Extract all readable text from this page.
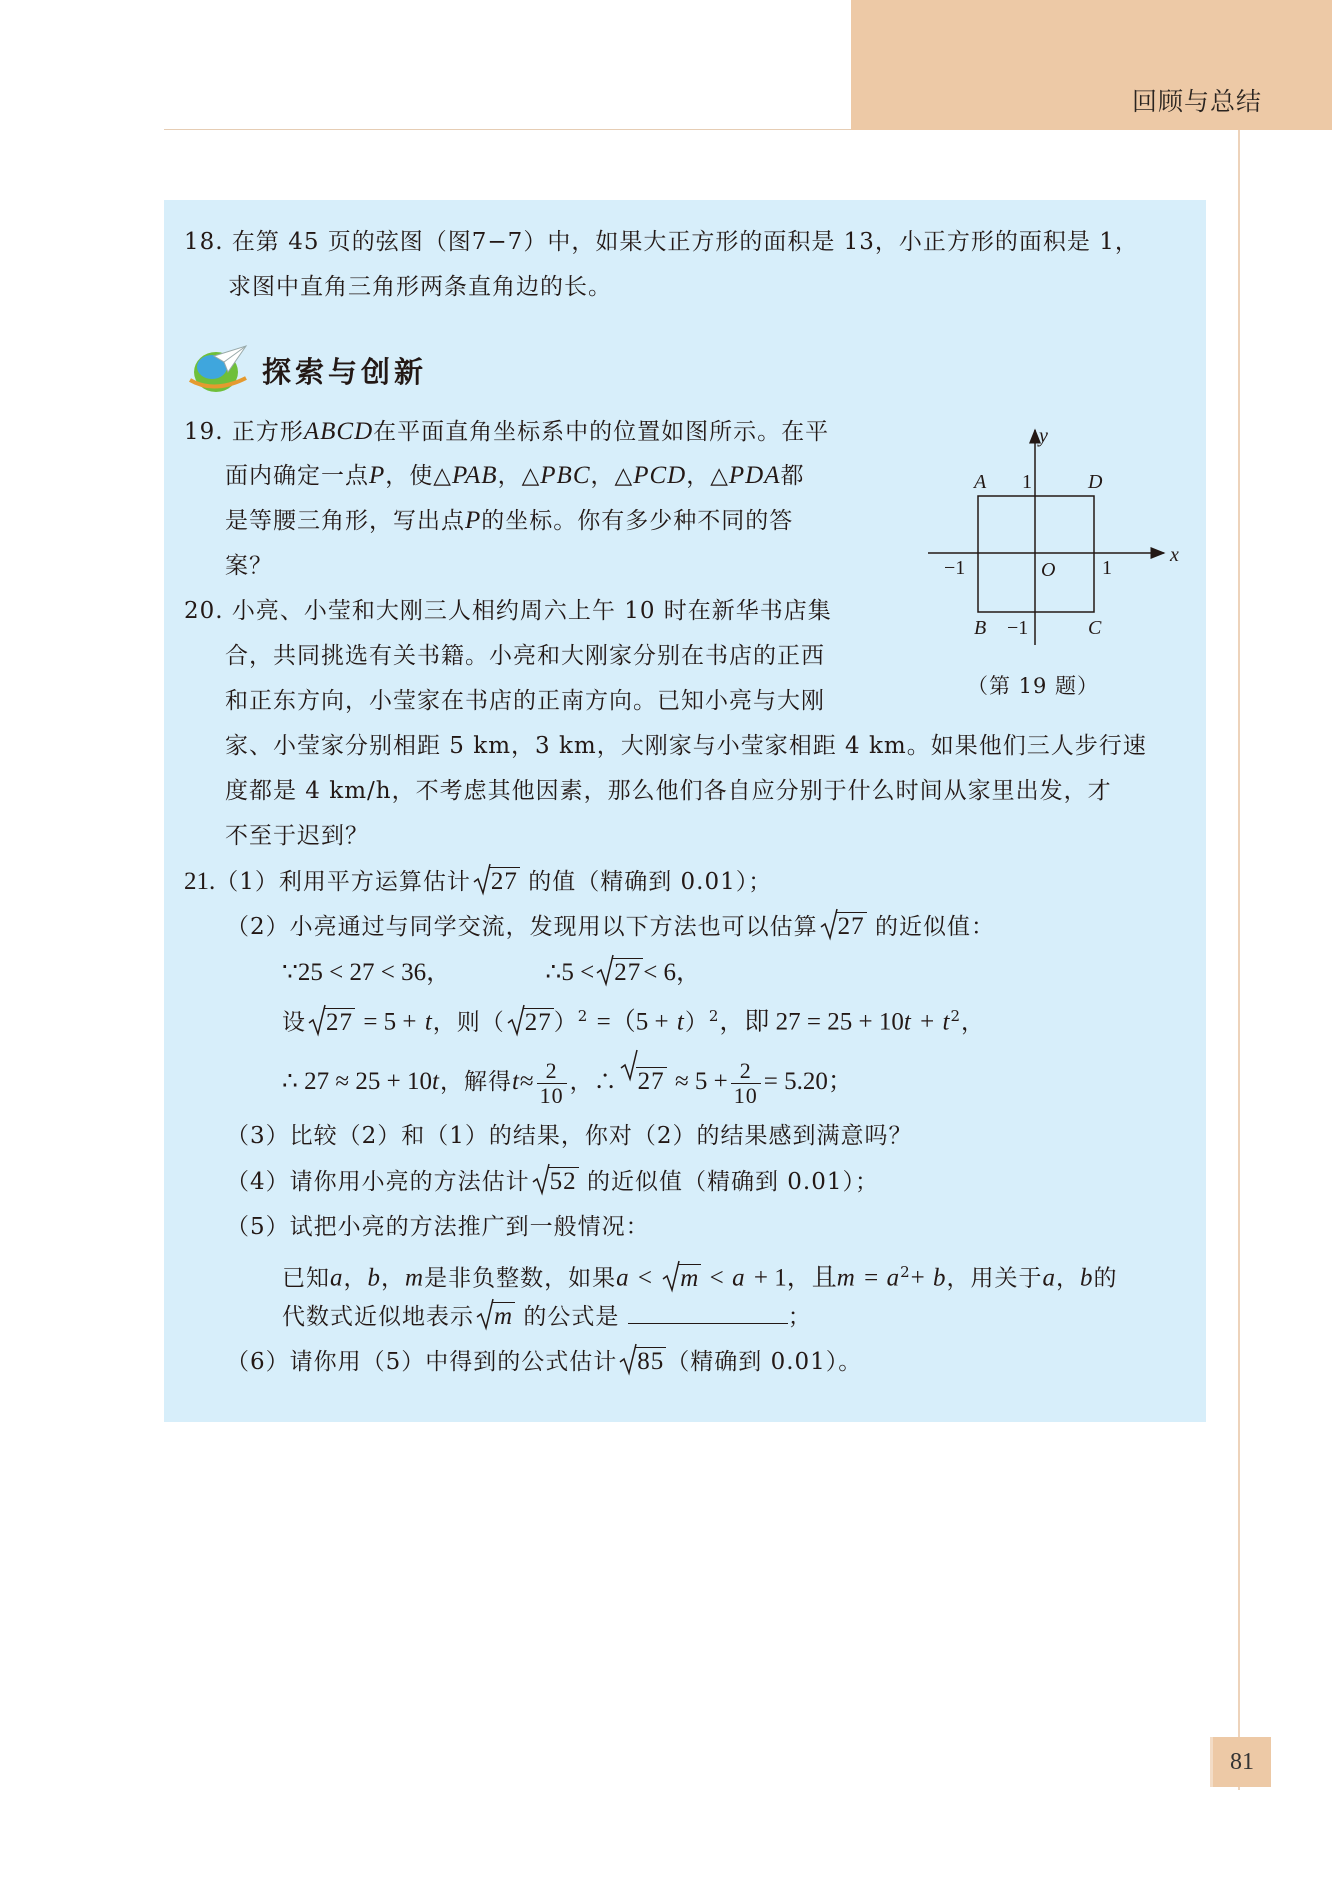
回顾与总结
18. 在第 45 页的弦图（图7−7）中，如果大正方形的面积是 13，小正方形的面积是 1，
求图中直角三角形两条直角边的长。
探索与创新
19. 正方形ABCD在平面直角坐标系中的位置如图所示。在平
面内确定一点P，使△PAB，△PBC，△PCD，△PDA都
是等腰三角形，写出点P的坐标。你有多少种不同的答
案？
y
x
A	D
B	C
O
1
1
−1
−1
（第 19 题）
20. 小亮、小莹和大刚三人相约周六上午 10 时在新华书店集
合，共同挑选有关书籍。小亮和大刚家分别在书店的正西
和正东方向，小莹家在书店的正南方向。已知小亮与大刚
家、小莹家分别相距 5 km，3 km，大刚家与小莹家相距 4 km。如果他们三人步行速
度都是 4 km/h，不考虑其他因素，那么他们各自应分别于什么时间从家里出发，才
不至于迟到？
21.（1）利用平方运算估计 27 的值（精确到 0.01）；
（2）小亮通过与同学交流，发现用以下方法也可以估算 27 的近似值：
∵25 < 27 < 36，	∴5 < 27< 6，
设 27 = 5 + t，则（ $27)^2 =(5 + t)^2$，即 $27 = 25 + 10t + t^2$，
∴ 27 ≈ 25 + 10t，解得$t\approx \frac{2}{10}$ ，∴ $27 \approx 5 + \frac{2}{10} = 5.20$；
（3）比较（2）和（1）的结果，你对（2）的结果感到满意吗？
（4）请你用小亮的方法估计 52 的近似值（精确到 0.01）；
（5）试把小亮的方法推广到一般情况：
已知a，b，m是非负整数，如果a < m < a + 1，且$m = a^2+ b$，用关于a，b的
代数式近似地表示 m 的公式是	；
（6）请你用（5）中得到的公式估计 85（精确到 0.01）。
81
